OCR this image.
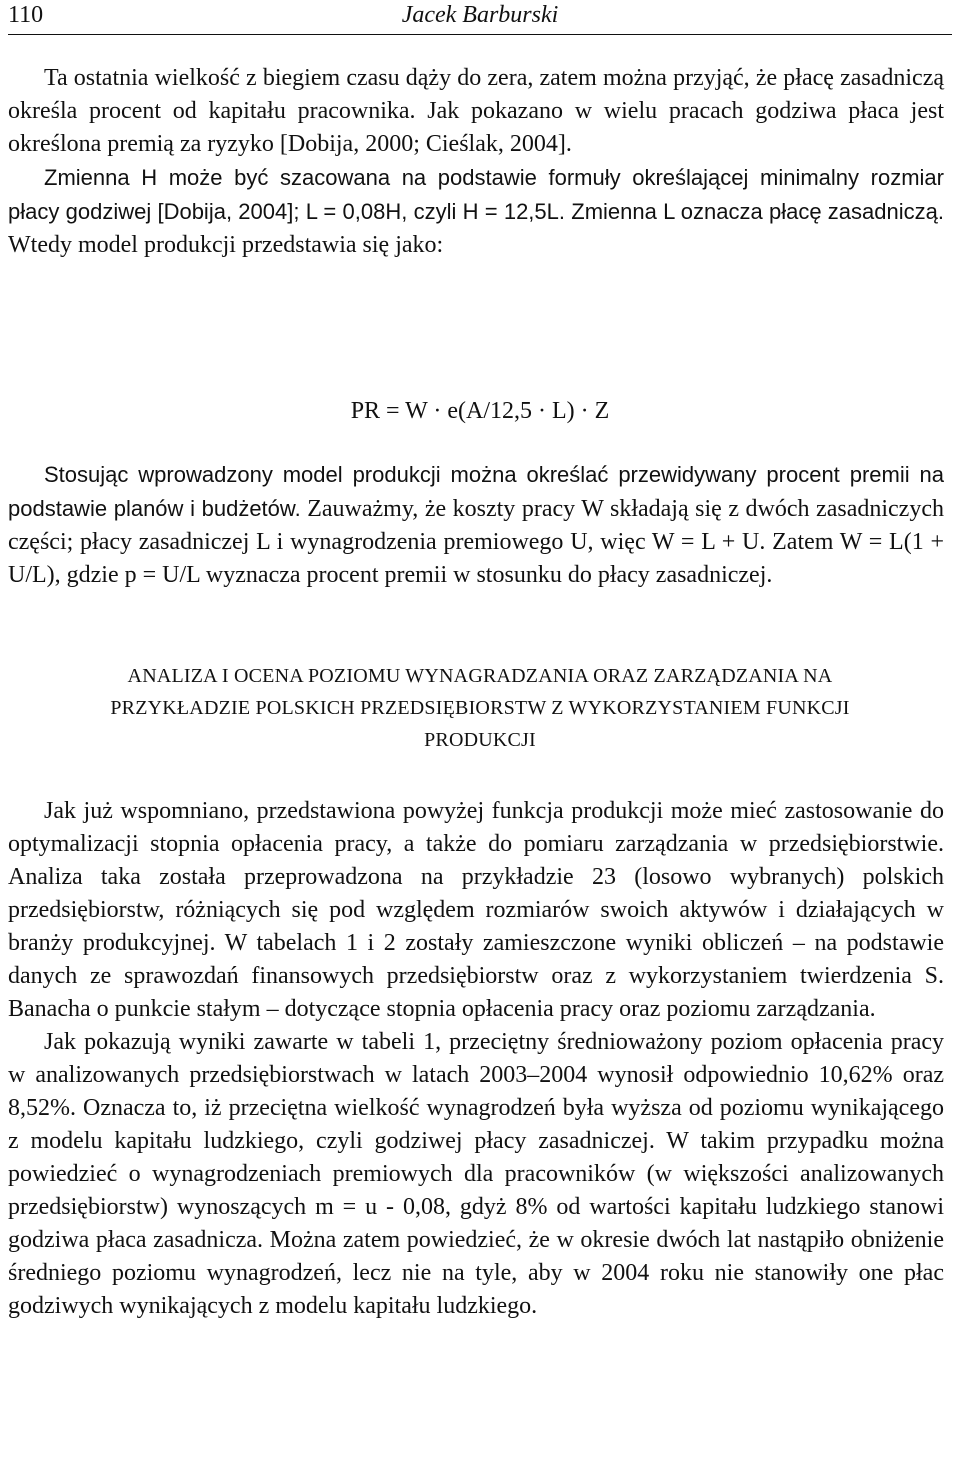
110	Jacek Barburski

Ta ostatnia wielkość z biegiem czasu dąży do zera, zatem można przyjąć, że płacę zasadniczą określa procent od kapitału pracownika. Jak pokazano w wielu pracach godziwa płaca jest określona premią za ryzyko [Dobija, 2000; Cieślak, 2004].

Zmienna H może być szacowana na podstawie formuły określającej minimalny rozmiar płacy godziwej [Dobija, 2004]; L = 0,08H, czyli H = 12,5L. Zmienna L oznacza płacę zasadniczą. Wtedy model produkcji przedstawia się jako:

PR = W · e(A/12,5 · L) · Z

Stosując wprowadzony model produkcji można określać przewidywany procent premii na podstawie planów i budżetów. Zauważmy, że koszty pracy W składają się z dwóch zasadniczych części; płacy zasadniczej L i wynagrodzenia premiowego U, więc W = L + U. Zatem W = L(1 + U/L), gdzie p = U/L wyznacza procent premii w stosunku do płacy zasadniczej.

ANALIZA I OCENA POZIOMU WYNAGRADZANIA ORAZ ZARZĄDZANIA NA
PRZYKŁADZIE POLSKICH PRZEDSIĘBIORSTW Z WYKORZYSTANIEM FUNKCJI
PRODUKCJI

Jak już wspomniano, przedstawiona powyżej funkcja produkcji może mieć zastosowanie do optymalizacji stopnia opłacenia pracy, a także do pomiaru zarządzania w przedsiębiorstwie. Analiza taka została przeprowadzona na przykładzie 23 (losowo wybranych) polskich przedsiębiorstw, różniących się pod względem rozmiarów swoich aktywów i działających w branży produkcyjnej. W tabelach 1 i 2 zostały zamieszczone wyniki obliczeń – na podstawie danych ze sprawozdań finansowych przedsiębiorstw oraz z wykorzystaniem twierdzenia S. Banacha o punkcie stałym – dotyczące stopnia opłacenia pracy oraz poziomu zarządzania.

Jak pokazują wyniki zawarte w tabeli 1, przeciętny średnioważony poziom opłacenia pracy w analizowanych przedsiębiorstwach w latach 2003–2004 wynosił odpowiednio 10,62% oraz 8,52%. Oznacza to, iż przeciętna wielkość wynagrodzeń była wyższa od poziomu wynikającego z modelu kapitału ludzkiego, czyli godziwej płacy zasadniczej. W takim przypadku można powiedzieć o wynagrodzeniach premiowych dla pracowników (w większości analizowanych przedsiębiorstw) wynoszących m = u - 0,08, gdyż 8% od wartości kapitału ludzkiego stanowi godziwa płaca zasadnicza. Można zatem powiedzieć, że w okresie dwóch lat nastąpiło obniżenie średniego poziomu wynagrodzeń, lecz nie na tyle, aby w 2004 roku nie stanowiły one płac godziwych wynikających z modelu kapitału ludzkiego.
